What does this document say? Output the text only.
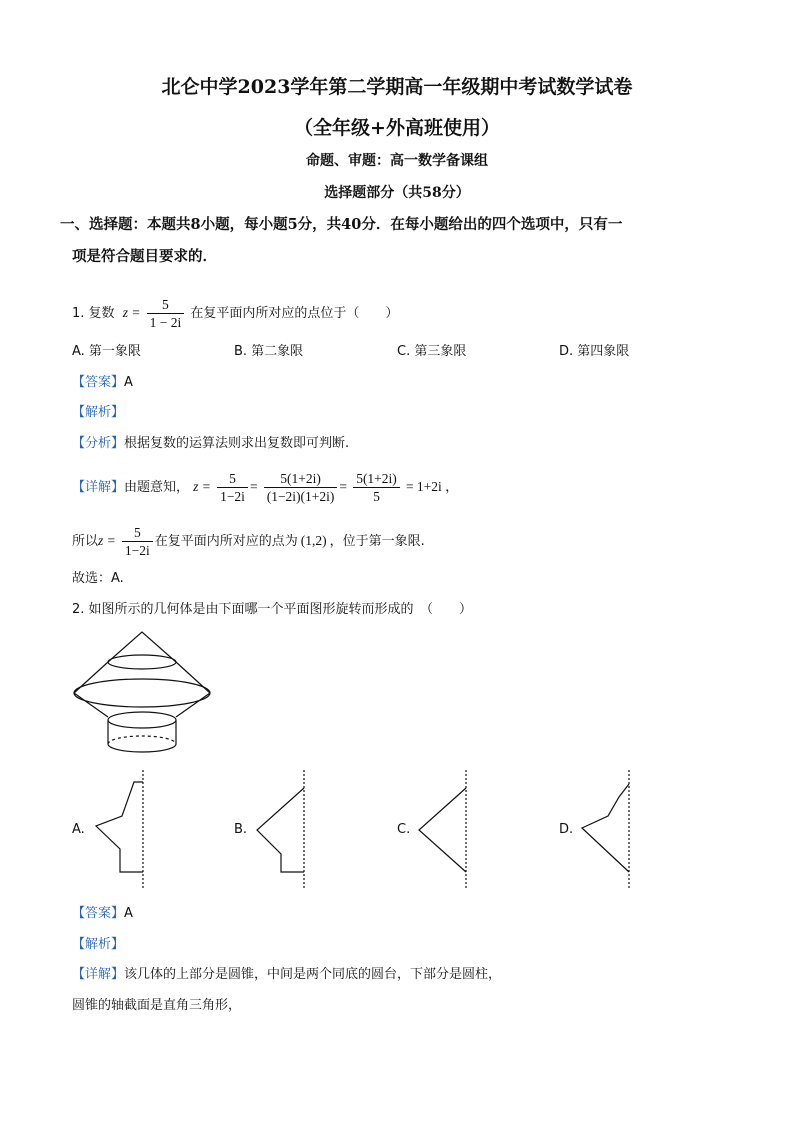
北仑中学2023学年第二学期高一年级期中考试数学试卷
（全年级+外高班使用）
命题、审题：高一数学备课组
选择题部分（共58分）
一、选择题：本题共8小题，每小题5分，共40分．在每小题给出的四个选项中，只有一
项是符合题目要求的．
1. 复数 $z = \frac{5}{1 - 2i}$ 在复平面内所对应的点位于（　　）
A. 第一象限	B. 第二象限	C. 第三象限	D. 第四象限
【答案】A
【解析】
【分析】根据复数的运算法则求出复数即可判断.
【详解】由题意知， $z = \frac{5}{1-2i} = \frac{5(1+2i)}{(1-2i)(1+2i)} = \frac{5(1+2i)}{5} = 1+2i$ ，
所以$z = \frac{5}{1-2i}$ 在复平面内所对应的点为 (1,2) ，位于第一象限.
故选：A.
2. 如图所示的几何体是由下面哪一个平面图形旋转而形成的　（　　）
A.	B.	C.	D.
【答案】A
【解析】
【详解】该几体的上部分是圆锥，中间是两个同底的圆台，下部分是圆柱，
圆锥的轴截面是直角三角形，
